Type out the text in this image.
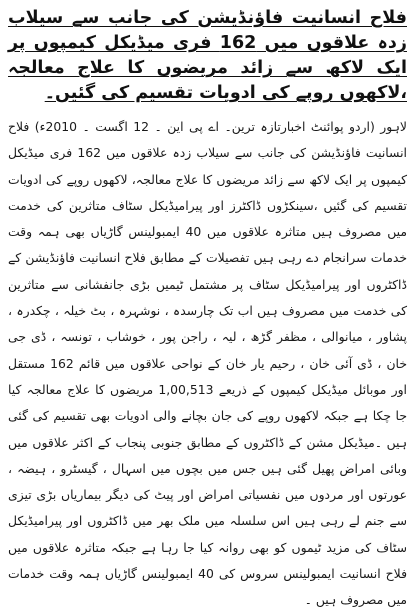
فلاح انسانیت فاؤنڈیشن کی جانب سے سیلاب زدہ علاقوں میں 162 فری میڈیکل کیمپوں پر ایک لاکھ سے زائد مریضوں کا علاج معالجہ ،لاکھوں روپے کی ادویات تقسیم کی گئیں۔

لاہور (اردو پوائنٹ اخبارتازہ ترین۔ اے پی این ۔ 12 اگست ۔ 2010ء) فلاح انسانیت فاؤنڈیشن کی جانب سے سیلاب زدہ علاقوں میں 162 فری میڈیکل کیمپوں پر ایک لاکھ سے زائد مریضوں کا علاج معالجہ، لاکھوں روپے کی ادویات تقسیم کی گئیں ،سینکڑوں ڈاکٹرز اور پیرامیڈیکل سٹاف متاثرین کی خدمت میں مصروف ہیں متاثرہ علاقوں میں 40 ایمبولینس گاڑیاں بھی ہمہ وقت خدمات سرانجام دے رہی ہیں تفصیلات کے مطابق فلاح انسانیت فاؤنڈیشن کے ڈاکٹروں اور پیرامیڈیکل سٹاف پر مشتمل ٹیمیں بڑی جانفشانی سے متاثرین کی خدمت میں مصروف ہیں اب تک چارسدہ ، نوشہرہ ، بٹ خیلہ ، چکدرہ ، پشاور ، میانوالی ، مظفر گڑھ ، لیہ ، راجن پور ، خوشاب ، تونسہ ، ڈی جی خان ، ڈی آئی خان ، رحیم یار خان کے نواحی علاقوں میں قائم 162 مستقل اور موبائل میڈیکل کیمپوں کے ذریعے 1,00,513 مریضوں کا علاج معالجہ کیا جا چکا ہے جبکہ لاکھوں روپے کی جان بچانے والی ادویات بھی تقسیم کی گئی ہیں ۔میڈیکل مشن کے ڈاکٹروں کے مطابق جنوبی پنجاب کے اکثر علاقوں میں وبائی امراض پھیل گئی ہیں جس میں بچوں میں اسہال ، گیسٹرو ، ہیضہ ، عورتوں اور مردوں میں نفسیاتی امراض اور پیٹ کی دیگر بیماریاں بڑی تیزی سے جنم لے رہی ہیں اس سلسلہ میں ملک بھر میں ڈاکٹروں اور پیرامیڈیکل سٹاف کی مزید ٹیموں کو بھی روانہ کیا جا رہا ہے جبکہ متاثرہ علاقوں میں فلاح انسانیت ایمبولینس سروس کی 40 ایمبولینس گاڑیاں ہمہ وقت خدمات میں مصروف ہیں ۔
